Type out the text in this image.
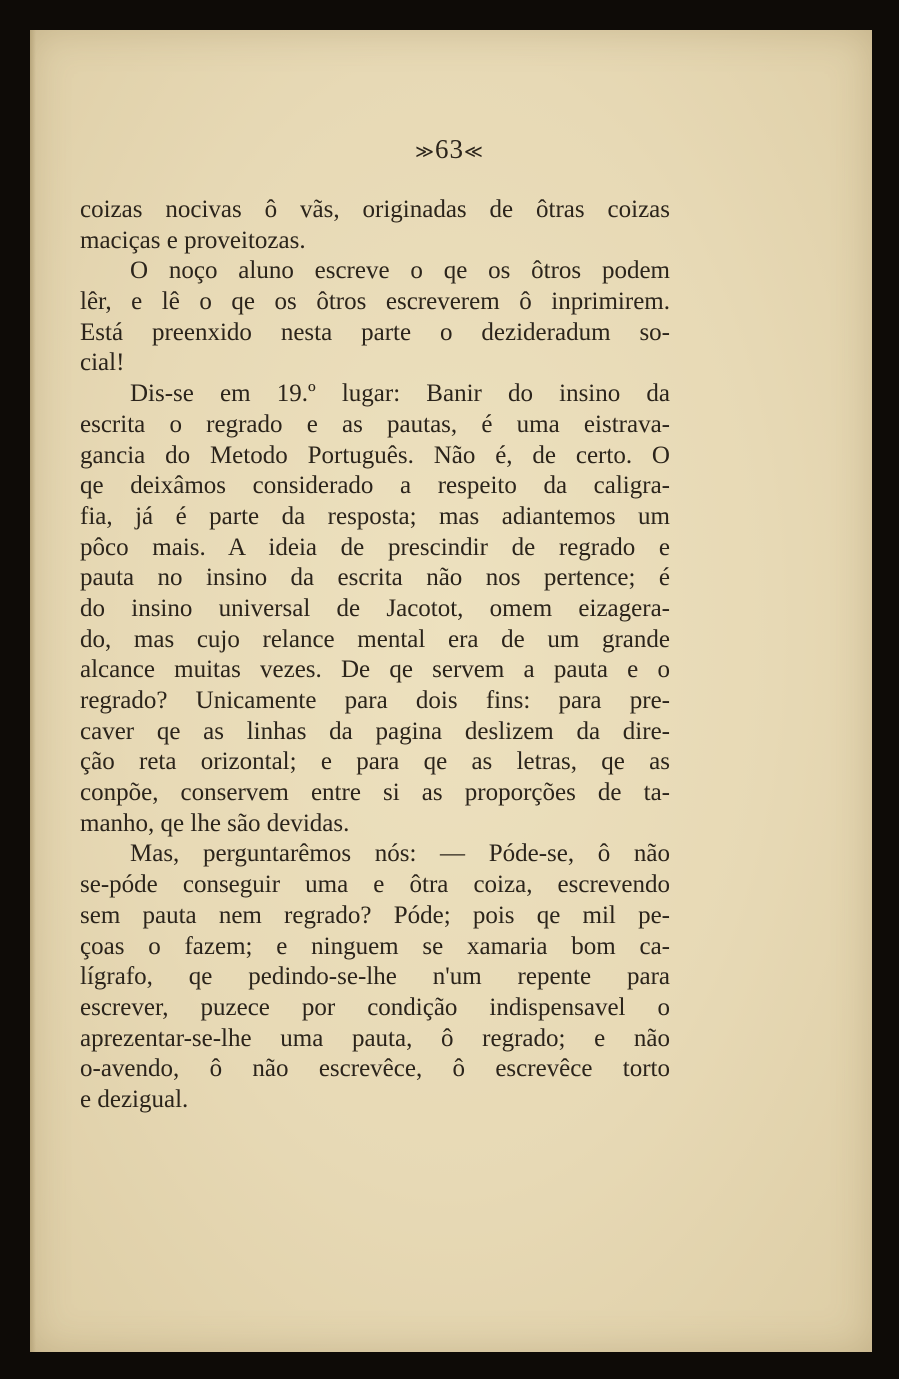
≫63≪
coizas nocivas ô vãs, originadas de ôtras coizas
maciças e proveitozas.
O noço aluno escreve o qe os ôtros podem
lêr, e lê o qe os ôtros escreverem ô inprimirem.
Está preenxido nesta parte o dezideradum so-
cial!
Dis-se em 19.º lugar: Banir do insino da
escrita o regrado e as pautas, é uma eistrava-
gancia do Metodo Português. Não é, de certo. O
qe deixâmos considerado a respeito da caligra-
fia, já é parte da resposta; mas adiantemos um
pôco mais. A ideia de prescindir de regrado e
pauta no insino da escrita não nos pertence; é
do insino universal de Jacotot, omem eizagera-
do, mas cujo relance mental era de um grande
alcance muitas vezes. De qe servem a pauta e o
regrado? Unicamente para dois fins: para pre-
caver qe as linhas da pagina deslizem da dire-
ção reta orizontal; e para qe as letras, qe as
conpõe, conservem entre si as proporções de ta-
manho, qe lhe são devidas.
Mas, perguntarêmos nós: — Póde-se, ô não
se-póde conseguir uma e ôtra coiza, escrevendo
sem pauta nem regrado? Póde; pois qe mil pe-
çoas o fazem; e ninguem se xamaria bom ca-
lígrafo, qe pedindo-se-lhe n'um repente para
escrever, puzece por condição indispensavel o
aprezentar-se-lhe uma pauta, ô regrado; e não
o-avendo, ô não escrevêce, ô escrevêce torto
e dezigual.
